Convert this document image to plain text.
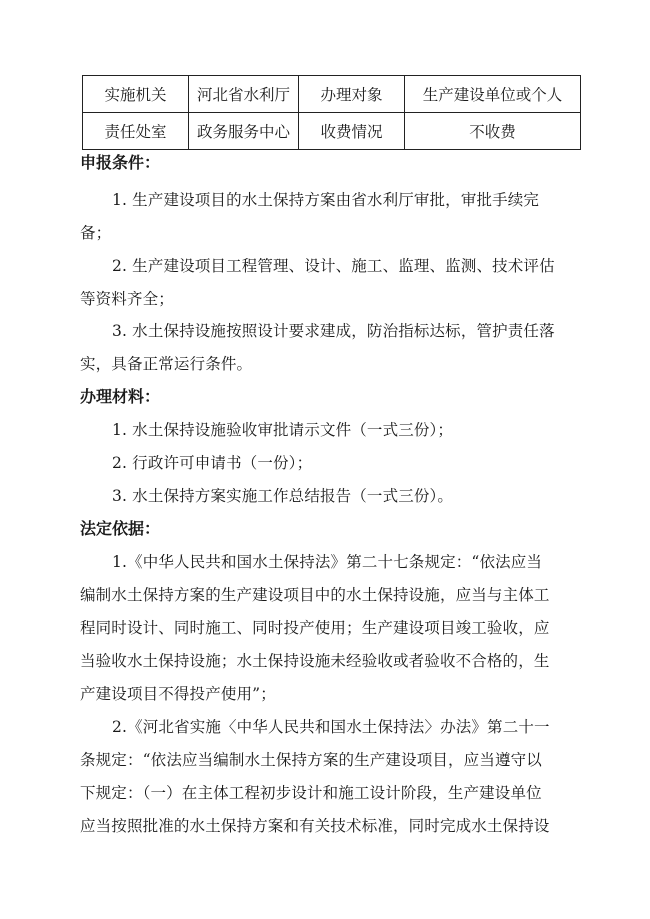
实施机关	河北省水利厅	办理对象	生产建设单位或个人
责任处室	政务服务中心	收费情况	不收费
申报条件：
1. 生产建设项目的水土保持方案由省水利厅审批，审批手续完
备；
2. 生产建设项目工程管理、设计、施工、监理、监测、技术评估
等资料齐全；
3. 水土保持设施按照设计要求建成，防治指标达标，管护责任落
实，具备正常运行条件。
办理材料：
1. 水土保持设施验收审批请示文件（一式三份）；
2. 行政许可申请书（一份）；
3. 水土保持方案实施工作总结报告（一式三份）。
法定依据：
1.《中华人民共和国水土保持法》第二十七条规定：“依法应当
编制水土保持方案的生产建设项目中的水土保持设施，应当与主体工
程同时设计、同时施工、同时投产使用；生产建设项目竣工验收，应
当验收水土保持设施；水土保持设施未经验收或者验收不合格的，生
产建设项目不得投产使用”；
2.《河北省实施〈中华人民共和国水土保持法〉办法》第二十一
条规定：“依法应当编制水土保持方案的生产建设项目，应当遵守以
下规定：（一）在主体工程初步设计和施工设计阶段，生产建设单位
应当按照批准的水土保持方案和有关技术标准，同时完成水土保持设
